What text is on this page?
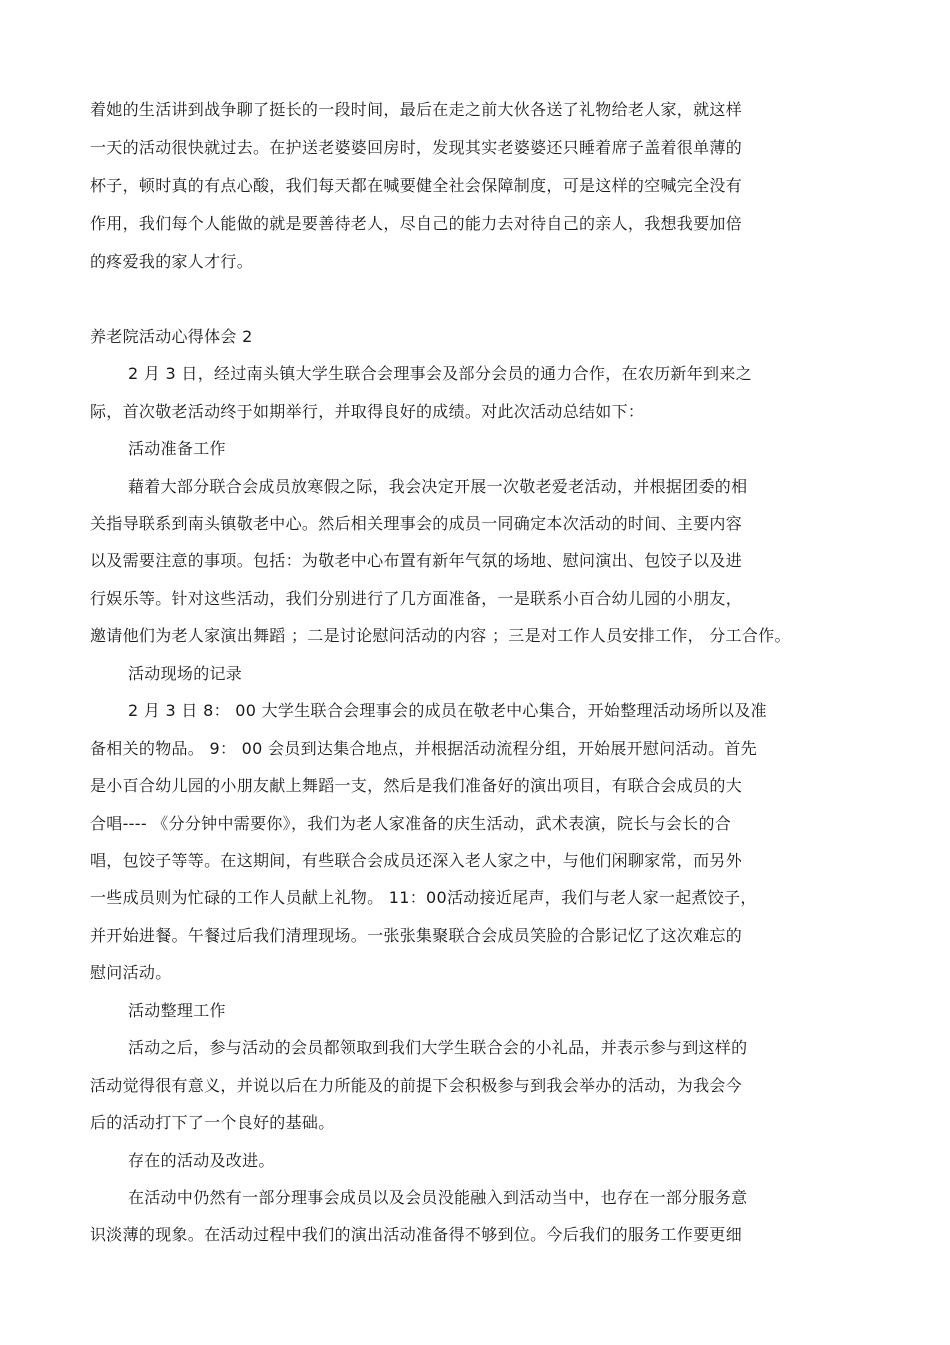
着她的生活讲到战争聊了挺长的一段时间，最后在走之前大伙各送了礼物给老人家，就这样
一天的活动很快就过去。在护送老婆婆回房时，发现其实老婆婆还只睡着席子盖着很单薄的
杯子，顿时真的有点心酸，我们每天都在喊要健全社会保障制度，可是这样的空喊完全没有
作用，我们每个人能做的就是要善待老人，尽自己的能力去对待自己的亲人，我想我要加倍
的疼爱我的家人才行。
养老院活动心得体会 2
2 月 3 日，经过南头镇大学生联合会理事会及部分会员的通力合作，在农历新年到来之
际，首次敬老活动终于如期举行，并取得良好的成绩。对此次活动总结如下：
活动准备工作
藉着大部分联合会成员放寒假之际，我会决定开展一次敬老爱老活动，并根据团委的相
关指导联系到南头镇敬老中心。然后相关理事会的成员一同确定本次活动的时间、主要内容
以及需要注意的事项。包括：为敬老中心布置有新年气氛的场地、慰问演出、包饺子以及进
行娱乐等。针对这些活动，我们分别进行了几方面准备，一是联系小百合幼儿园的小朋友，
邀请他们为老人家演出舞蹈 ；二是讨论慰问活动的内容 ；三是对工作人员安排工作， 分工合作。
活动现场的记录
2 月 3 日 8： 00 大学生联合会理事会的成员在敬老中心集合，开始整理活动场所以及准
备相关的物品。 9： 00 会员到达集合地点，并根据活动流程分组，开始展开慰问活动。首先
是小百合幼儿园的小朋友献上舞蹈一支，然后是我们准备好的演出项目，有联合会成员的大
合唱---- 《分分钟中需要你》，我们为老人家准备的庆生活动，武术表演，院长与会长的合
唱，包饺子等等。在这期间，有些联合会成员还深入老人家之中，与他们闲聊家常，而另外
一些成员则为忙碌的工作人员献上礼物。 11：00活动接近尾声，我们与老人家一起煮饺子，
并开始进餐。午餐过后我们清理现场。一张张集聚联合会成员笑脸的合影记忆了这次难忘的
慰问活动。
活动整理工作
活动之后，参与活动的会员都领取到我们大学生联合会的小礼品，并表示参与到这样的
活动觉得很有意义，并说以后在力所能及的前提下会积极参与到我会举办的活动，为我会今
后的活动打下了一个良好的基础。
存在的活动及改进。
在活动中仍然有一部分理事会成员以及会员没能融入到活动当中，也存在一部分服务意
识淡薄的现象。在活动过程中我们的演出活动准备得不够到位。今后我们的服务工作要更细
